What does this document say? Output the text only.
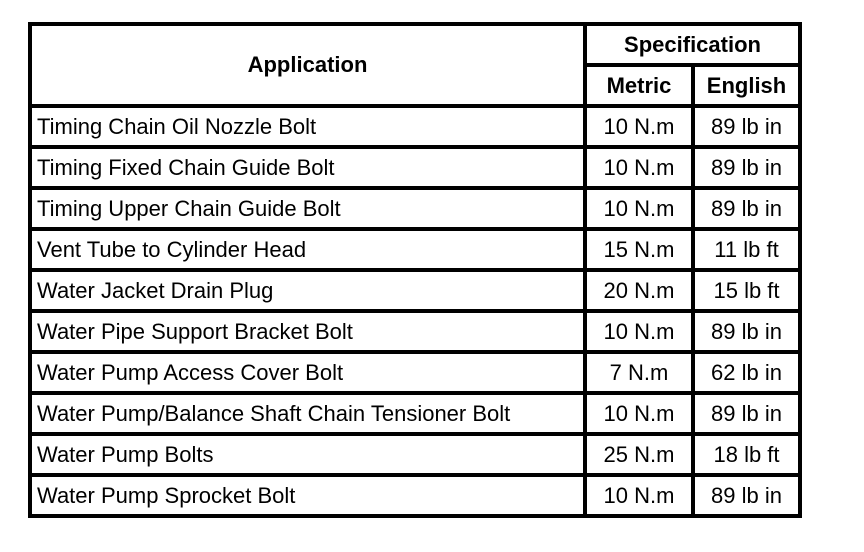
Application	Specification	
	Metric	English
Timing Chain Oil Nozzle Bolt	10 N.m	89 lb in
Timing Fixed Chain Guide Bolt	10 N.m	89 lb in
Timing Upper Chain Guide Bolt	10 N.m	89 lb in
Vent Tube to Cylinder Head	15 N.m	11 lb ft
Water Jacket Drain Plug	20 N.m	15 lb ft
Water Pipe Support Bracket Bolt	10 N.m	89 lb in
Water Pump Access Cover Bolt	7 N.m	62 lb in
Water Pump/Balance Shaft Chain Tensioner Bolt	10 N.m	89 lb in
Water Pump Bolts	25 N.m	18 lb ft
Water Pump Sprocket Bolt	10 N.m	89 lb in
